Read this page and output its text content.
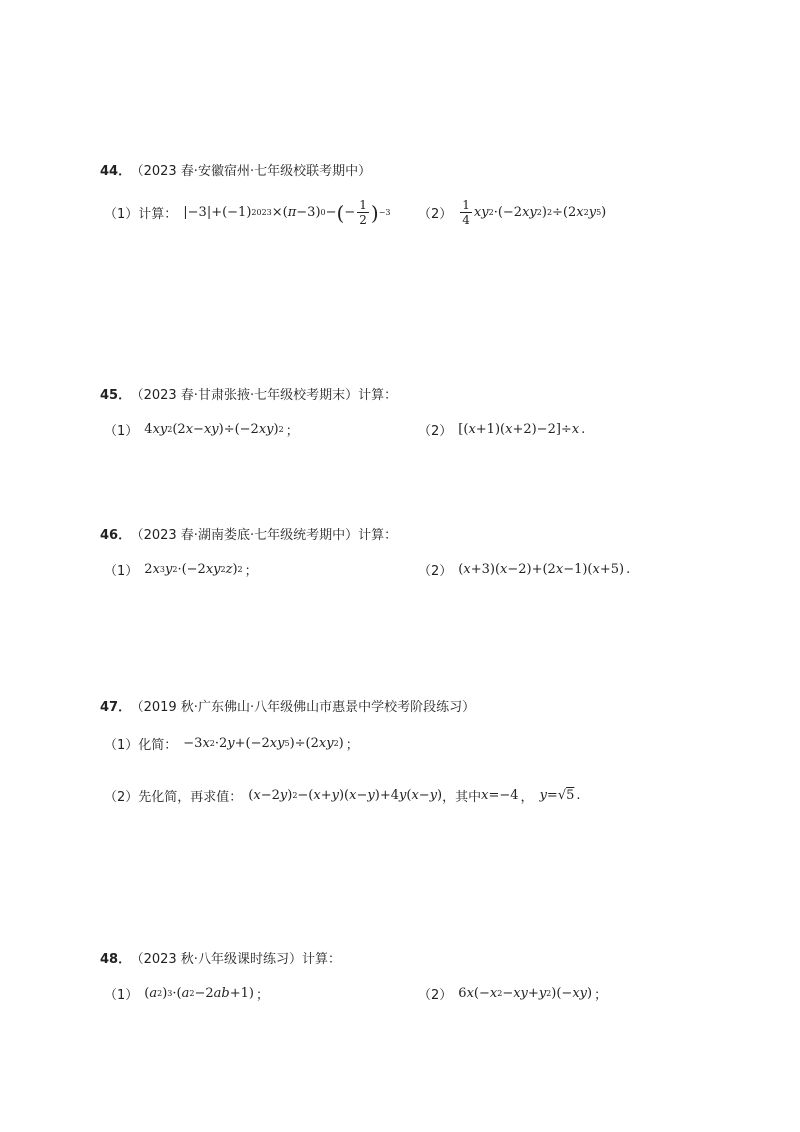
44． （2023 春·安徽宿州·七年级校联考期中）
（1）计算： |−3|+(−1) 2023 ×( π −3) 0 − ( − $\frac{1}{2}$ ) −3 $(2) \frac{1}{4}$ xy 2 ·(−2 xy 2 ) 2 ÷(2 x 2 y 5 )
45． （2023 春·甘肃张掖·七年级校考期末）计算：
（1） 4 xy 2 (2 x − xy )÷(−2 xy ) 2 ；	（2） [( x +1)( x +2)−2]÷ x .
46． （2023 春·湖南娄底·七年级统考期中）计算：
（1） 2 x 3 y 2 ·(−2 xy 2 z ) 2 ；	（2） ( x +3)( x −2)+(2 x −1)( x +5) .
47． （2019 秋·广东佛山·八年级佛山市惠景中学校考阶段练习）
（1）化简： −3 x 2 ·2 y +(−2 xy 5 )÷(2 xy 2 ) ；
（2）先化简，再求值： ( x −2 y ) 2 −( x + y )( x − y )+4 y ( x − y ) ，其中 x =−4 ， y =√ 5 .
48． （2023 秋·八年级课时练习）计算：
（1） ( a 2 ) 3 ·( a 2 −2 ab +1) ；	（2） 6 x (− x 2 − xy + y 2 )(− xy ) ；
